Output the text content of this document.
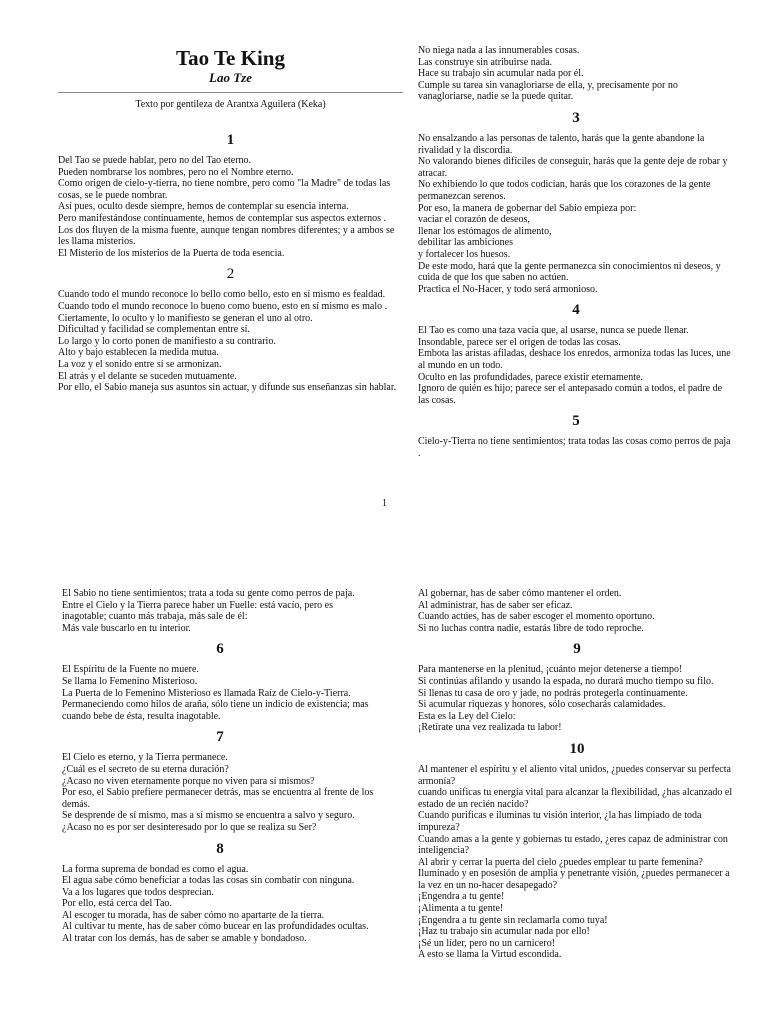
Tao Te King
Lao Tze
Texto por gentileza de Arantxa Aguilera (Keka)
1

Del Tao se puede hablar, pero no del Tao eterno.

Pueden nombrarse los nombres, pero no el Nombre eterno.

Como origen de cielo-y-tierra, no tiene nombre, pero como "la Madre" de todas las cosas, se le puede nombrar.

Así pues, oculto desde siempre, hemos de contemplar su esencia interna.

Pero manifestándose continuamente, hemos de contemplar sus aspectos externos .

Los dos fluyen de la misma fuente, aunque tengan nombres diferentes; y a ambos se les llama misterios.

El Misterio de los misterios de la Puerta de toda esencia.

2

Cuando todo el mundo reconoce lo bello como bello, esto en sí mismo es fealdad.

Cuando todo el mundo reconoce lo bueno como bueno, esto en sí mismo es malo .

Ciertamente, lo oculto y lo manifiesto se generan el uno al otro.

Dificultad y facilidad se complementan entre sí.

Lo largo y lo corto ponen de manifiesto a su contrario.

Alto y bajo establecen la medida mutua.

La voz y el sonido entre sí se armonizan.

El atrás y el delante se suceden mutuamente.

Por ello, el Sabio maneja sus asuntos sin actuar, y difunde sus enseñanzas sin hablar.

No niega nada a las innumerables cosas.

Las construye sin atribuirse nada.

Hace su trabajo sin acumular nada por él.

Cumple su tarea sin vanagloriarse de ella, y, precisamente por no vanagloriarse, nadie se la puede quitar.

3

No ensalzando a las personas de talento, harás que la gente abandone la rivalidad y la discordia.

No valorando bienes difíciles de conseguir, harás que la gente deje de robar y atracar.

No exhibiendo lo que todos codician, harás que los corazones de la gente permanezcan serenos.

Por eso, la manera de gobernar del Sabio empieza por:

vaciar el corazón de deseos,

llenar los estómagos de alimento,

debilitar las ambiciones

y fortalecer los huesos.

De este modo, hará que la gente permanezca sin conocimientos ni deseos, y cuida de que los que saben no actúen.

Practica el No-Hacer, y todo será armonioso.

4

El Tao es como una taza vacía que, al usarse, nunca se puede llenar.

Insondable, parece ser el origen de todas las cosas.

Embota las aristas afiladas, deshace los enredos, armoniza todas las luces, une al mundo en un todo.

Oculto en las profundidades, parece existir eternamente.

Ignoro de quién es hijo; parece ser el antepasado común a todos, el padre de las cosas.

5

Cielo-y-Tierra no tiene sentimientos; trata todas las cosas como perros de paja .

1

El Sabio no tiene sentimientos; trata a toda su gente como perros de paja.

Entre el Cielo y la Tierra parece haber un Fuelle: está vacío, pero es inagotable; cuanto más trabaja, más sale de él:

Más vale buscarlo en tu interior.

6

El Espíritu de la Fuente no muere.

Se llama lo Femenino Misterioso.

La Puerta de lo Femenino Misterioso es llamada Raíz de Cielo-y-Tierra.

Permaneciendo como hilos de araña, sólo tiene un indicio de existencia; mas cuando bebe de ésta, resulta inagotable.

7

El Cielo es eterno, y la Tierra permanece.

¿Cuál es el secreto de su eterna duración?

¿Acaso no viven eternamente porque no viven para sí mismos?

Por eso, el Sabio prefiere permanecer detrás, mas se encuentra al frente de los demás.

Se desprende de sí mismo, mas a sí mismo se encuentra a salvo y seguro.

¿Acaso no es por ser desinteresado por lo que se realiza su Ser?

8

La forma suprema de bondad es como el agua.

El agua sabe cómo beneficiar a todas las cosas sin combatir con ninguna.

Va a los lugares que todos desprecian.

Por ello, está cerca del Tao.

Al escoger tu morada, has de saber cómo no apartarte de la tierra.

Al cultivar tu mente, has de saber cómo bucear en las profundidades ocultas.

Al tratar con los demás, has de saber se amable y bondadoso.

Al gobernar, has de saber cómo mantener el orden.

Al administrar, has de saber ser eficaz.

Cuando actúes, has de saber escoger el momento oportuno.

Si no luchas contra nadie, estarás libre de todo reproche.

9

Para mantenerse en la plenitud, ¡cuánto mejor detenerse a tiempo!

Si continúas afilando y usando la espada, no durará mucho tiempo su filo.

Si llenas tu casa de oro y jade, no podrás protegerla continuamente.

Si acumular riquezas y honores, sólo cosecharás calamidades.

Esta es la Ley del Cielo:

¡Retírate una vez realizada tu labor!

10

Al mantener el espíritu y el aliento vital unidos, ¿puedes conservar su perfecta armonía?

cuando unificas tu energía vital para alcanzar la flexibilidad, ¿has alcanzado el estado de un recién nacido?

Cuando purificas e iluminas tu visión interior, ¿la has limpiado de toda impureza?

Cuando amas a la gente y gobiernas tu estado, ¿eres capaz de administrar con inteligencia?

Al abrir y cerrar la puerta del cielo ¿puedes emplear tu parte femenina?

Iluminado y en posesión de amplia y penetrante visión, ¿puedes permanecer a la vez en un no-hacer desapegado?

¡Engendra a tu gente!

¡Alimenta a tu gente!

¡Engendra a tu gente sin reclamarla como tuya!

¡Haz tu trabajo sin acumular nada por ello!

¡Sé un líder, pero no un carnicero!

A esto se llama la Virtud escondida.
